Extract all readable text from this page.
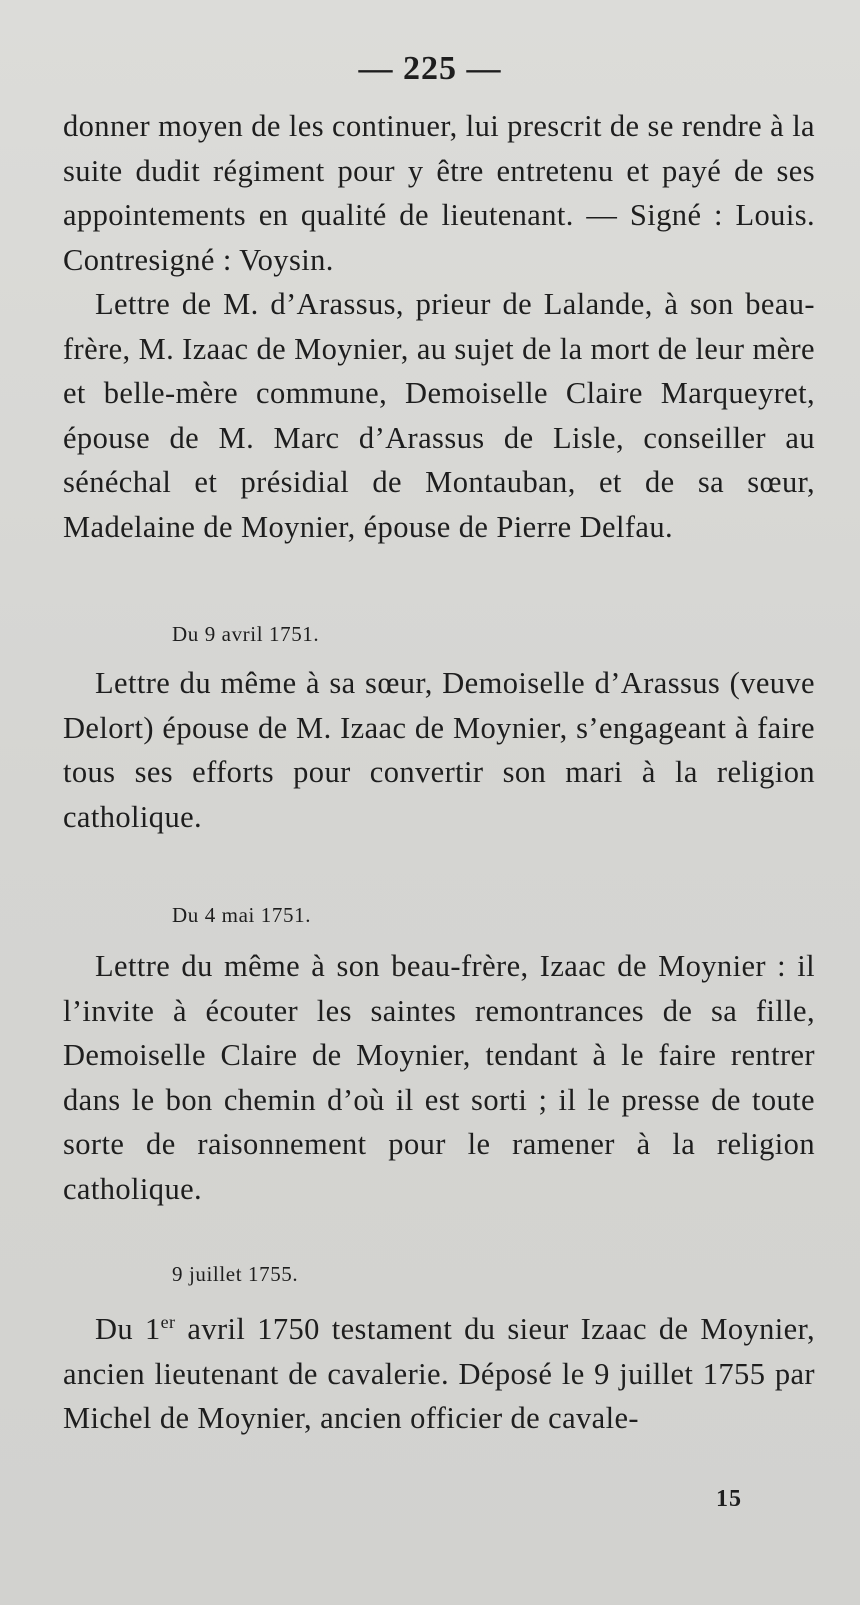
— 225 —

donner moyen de les continuer, lui prescrit de se rendre à la suite dudit régiment pour y être entretenu et payé de ses appointements en qualité de lieutenant. — Signé : Louis. Contresigné : Voysin.

Lettre de M. d’Arassus, prieur de Lalande, à son beau-frère, M. Izaac de Moynier, au sujet de la mort de leur mère et belle-mère commune, Demoiselle Claire Marqueyret, épouse de M. Marc d’Arassus de Lisle, conseiller au sénéchal et présidial de Montauban, et de sa sœur, Madelaine de Moynier, épouse de Pierre Delfau.

Du 9 avril 1751.

Lettre du même à sa sœur, Demoiselle d’Arassus (veuve Delort) épouse de M. Izaac de Moynier, s’engageant à faire tous ses efforts pour convertir son mari à la religion catholique.

Du 4 mai 1751.

Lettre du même à son beau-frère, Izaac de Moynier : il l’invite à écouter les saintes remontrances de sa fille, Demoiselle Claire de Moynier, tendant à le faire rentrer dans le bon chemin d’où il est sorti ; il le presse de toute sorte de raisonnement pour le ramener à la religion catholique.

9 juillet 1755.

Du 1er avril 1750 testament du sieur Izaac de Moynier, ancien lieutenant de cavalerie. Déposé le 9 juillet 1755 par Michel de Moynier, ancien officier de cavale-

15
